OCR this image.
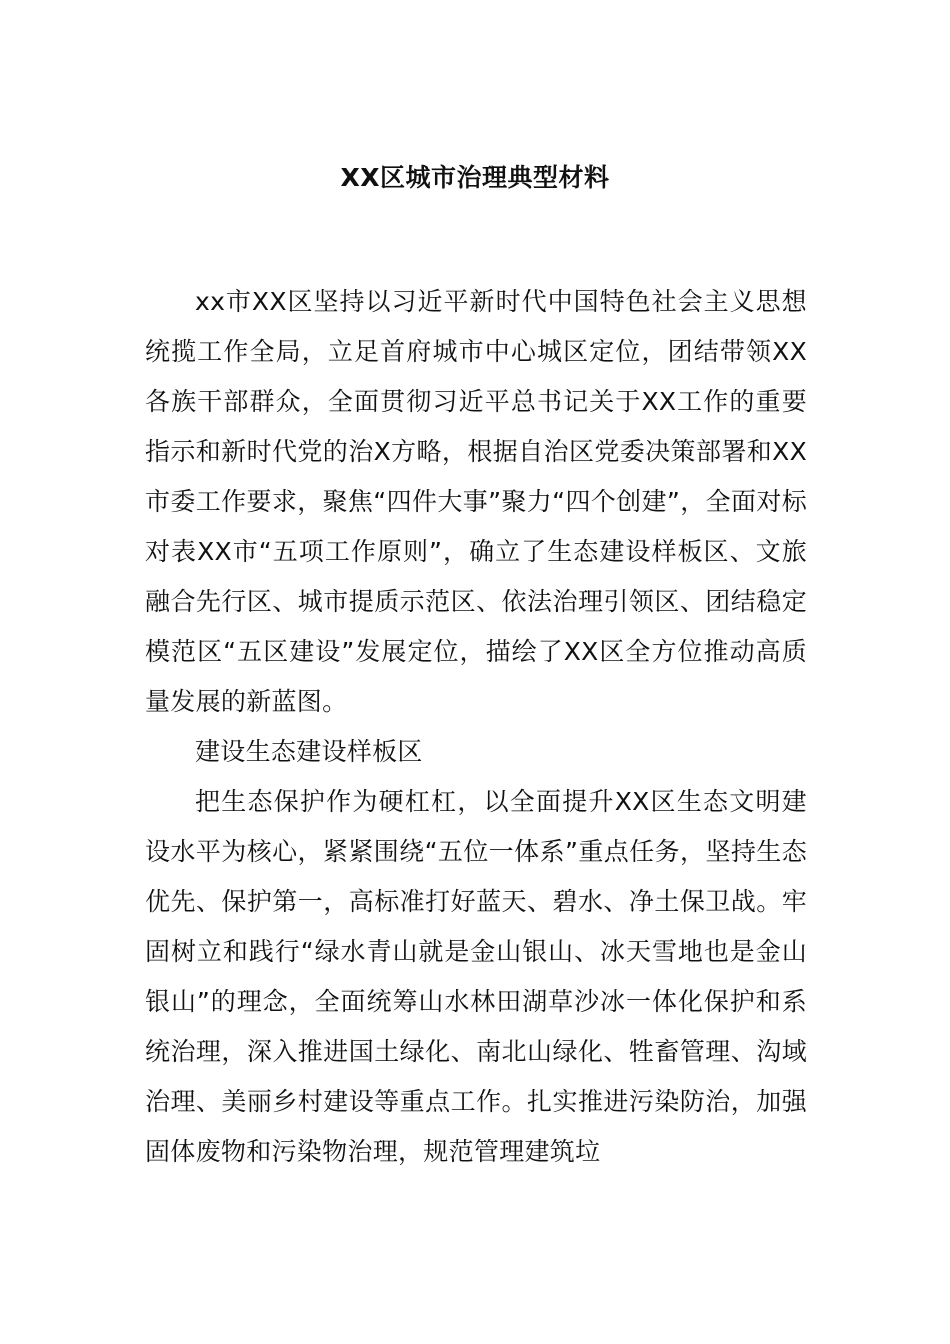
XX区城市治理典型材料

xx市XX区坚持以习近平新时代中国特色社会主义思想统揽工作全局，立足首府城市中心城区定位，团结带领XX各族干部群众，全面贯彻习近平总书记关于XX工作的重要指示和新时代党的治X方略，根据自治区党委决策部署和XX市委工作要求，聚焦“四件大事”聚力“四个创建”，全面对标对表XX市“五项工作原则”，确立了生态建设样板区、文旅融合先行区、城市提质示范区、依法治理引领区、团结稳定模范区“五区建设”发展定位，描绘了XX区全方位推动高质量发展的新蓝图。

建设生态建设样板区

把生态保护作为硬杠杠，以全面提升XX区生态文明建设水平为核心，紧紧围绕“五位一体系”重点任务，坚持生态优先、保护第一，高标准打好蓝天、碧水、净土保卫战。牢固树立和践行“绿水青山就是金山银山、冰天雪地也是金山银山”的理念，全面统筹山水林田湖草沙冰一体化保护和系统治理，深入推进国土绿化、南北山绿化、牲畜管理、沟域治理、美丽乡村建设等重点工作。扎实推进污染防治，加强固体废物和污染物治理，规范管理建筑垃
